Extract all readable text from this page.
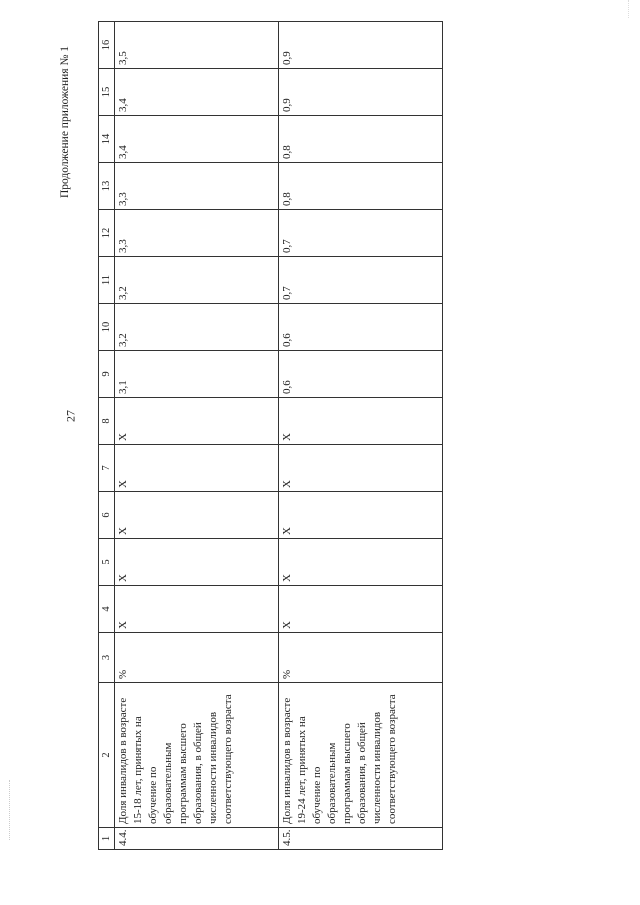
27
Продолжение приложения № 1
1	2	3	4	5	6	7	8	9	10	11	12	13	14	15	16
4.4.	Доля инвалидов в возрасте 15-18 лет, принятых на обучение по образовательным программам высшего образования, в общей численности инвалидов соответствующего возраста	%	X	X	X	X	X	3,1	3,2	3,2	3,3	3,3	3,4	3,4	3,5
4.5.	Доля инвалидов в возрасте 19-24 лет, принятых на обучение по образовательным программам высшего образования, в общей численности инвалидов соответствующего возраста	%	X	X	X	X	X	0,6	0,6	0,7	0,7	0,8	0,8	0,9	0,9
